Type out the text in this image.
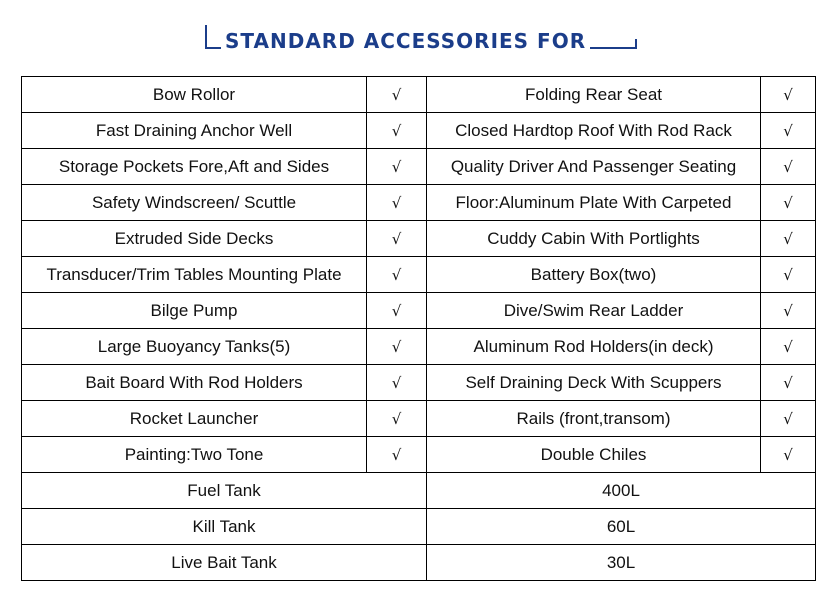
STANDARD ACCESSORIES FOR
Bow Rollor	√	Folding Rear Seat	√
Fast Draining Anchor Well	√	Closed Hardtop Roof With Rod Rack	√
Storage Pockets Fore,Aft and Sides	√	Quality Driver And Passenger Seating	√
Safety Windscreen/ Scuttle	√	Floor:Aluminum Plate With Carpeted	√
Extruded Side Decks	√	Cuddy Cabin With Portlights	√
Transducer/Trim Tables Mounting Plate	√	Battery Box(two)	√
Bilge Pump	√	Dive/Swim Rear Ladder	√
Large Buoyancy Tanks(5)	√	Aluminum Rod Holders(in deck)	√
Bait Board With Rod Holders	√	Self Draining Deck With Scuppers	√
Rocket Launcher	√	Rails (front,transom)	√
Painting:Two Tone	√	Double Chiles	√
Fuel Tank		400L	
Kill Tank		60L	
Live Bait Tank		30L	
